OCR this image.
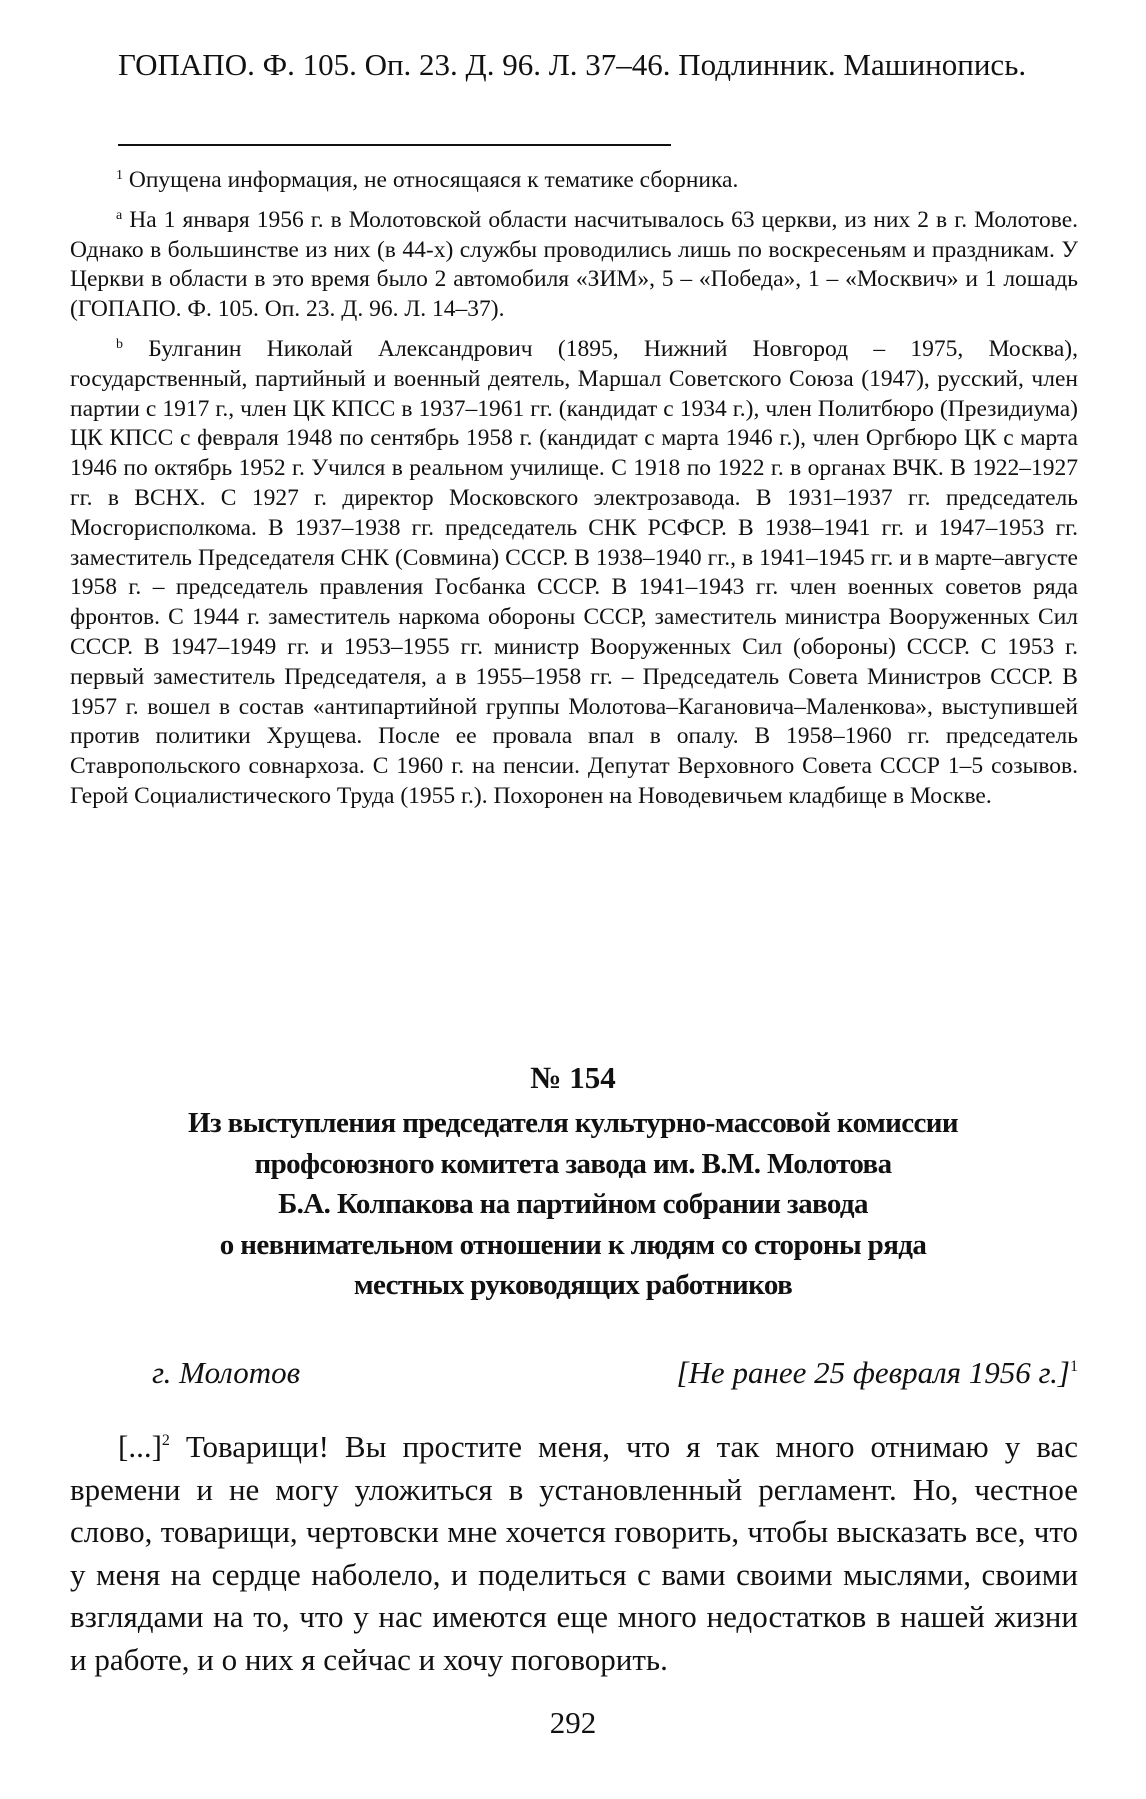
ГОПАПО. Ф. 105. Оп. 23. Д. 96. Л. 37–46. Подлинник. Машинопись.

$^1$ Опущена информация, не относящаяся к тематике сборника.

$^a$ На 1 января 1956 г. в Молотовской области насчитывалось 63 церкви, из них 2 в г. Молотове. Однако в большинстве из них (в 44-х) службы проводились лишь по воскресеньям и праздникам. У Церкви в области в это время было 2 автомобиля «ЗИМ», 5 – «Победа», 1 – «Москвич» и 1 лошадь (ГОПАПО. Ф. 105. Оп. 23. Д. 96. Л. 14–37).

$^b$ Булганин Николай Александрович (1895, Нижний Новгород – 1975, Москва), государственный, партийный и военный деятель, Маршал Советского Союза (1947), русский, член партии с 1917 г., член ЦК КПСС в 1937–1961 гг. (кандидат с 1934 г.), член Политбюро (Президиума) ЦК КПСС с февраля 1948 по сентябрь 1958 г. (кандидат с марта 1946 г.), член Оргбюро ЦК с марта 1946 по октябрь 1952 г. Учился в реальном училище. С 1918 по 1922 г. в органах ВЧК. В 1922–1927 гг. в ВСНХ. С 1927 г. директор Московского электрозавода. В 1931–1937 гг. председатель Мосгорисполкома. В 1937–1938 гг. председатель СНК РСФСР. В 1938–1941 гг. и 1947–1953 гг. заместитель Председателя СНК (Совмина) СССР. В 1938–1940 гг., в 1941–1945 гг. и в марте–августе 1958 г. – председатель правления Госбанка СССР. В 1941–1943 гг. член военных советов ряда фронтов. С 1944 г. заместитель наркома обороны СССР, заместитель министра Вооруженных Сил СССР. В 1947–1949 гг. и 1953–1955 гг. министр Вооруженных Сил (обороны) СССР. С 1953 г. первый заместитель Председателя, а в 1955–1958 гг. – Председатель Совета Министров СССР. В 1957 г. вошел в состав «антипартийной группы Молотова–Кагановича–Маленкова», выступившей против политики Хрущева. После ее провала впал в опалу. В 1958–1960 гг. председатель Ставропольского совнархоза. С 1960 г. на пенсии. Депутат Верховного Совета СССР 1–5 созывов. Герой Социалистического Труда (1955 г.). Похоронен на Новодевичьем кладбище в Москве.

№ 154
Из выступления председателя культурно-массовой комиссии
профсоюзного комитета завода им. В.М. Молотова
Б.А. Колпакова на партийном собрании завода
о невнимательном отношении к людям со стороны ряда
местных руководящих работников
г. Молотов	[Не ранее 25 февраля 1956 г.]$^1$

[...]$^2$ Товарищи! Вы простите меня, что я так много отнимаю у вас времени и не могу уложиться в установленный регламент. Но, честное слово, товарищи, чертовски мне хочется говорить, чтобы высказать все, что у меня на сердце наболело, и поделиться с вами своими мыслями, своими взглядами на то, что у нас имеются еще много недостатков в нашей жизни и работе, и о них я сейчас и хочу поговорить.

292
